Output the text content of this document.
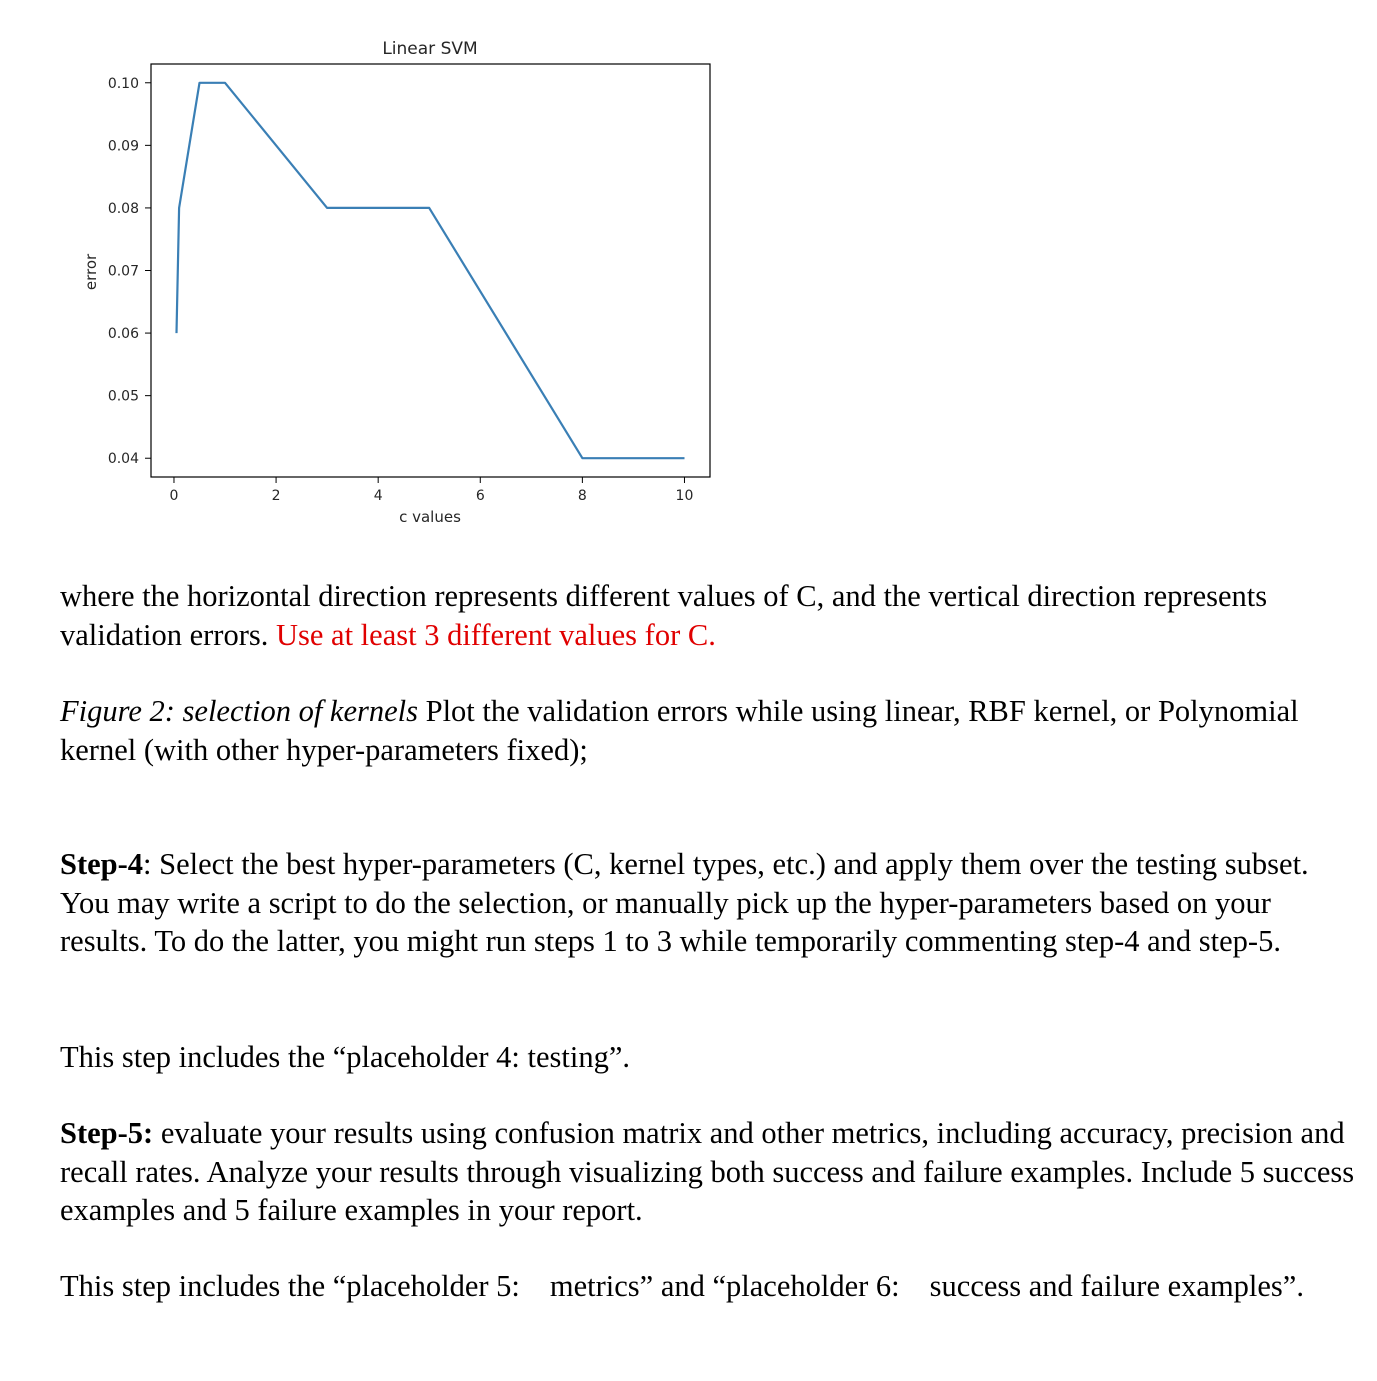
Linear SVM
0.04
0.05
0.06
0.07
0.08
0.09
0.10
0	2	4	6	8	10
c values
error

where the horizontal direction represents different values of C, and the vertical direction represents validation errors. Use at least 3 different values for C.

Figure 2: selection of kernels Plot the validation errors while using linear, RBF kernel, or Polynomial kernel (with other hyper-parameters fixed);

Step-4: Select the best hyper-parameters (C, kernel types, etc.) and apply them over the testing subset. You may write a script to do the selection, or manually pick up the hyper-parameters based on your results. To do the latter, you might run steps 1 to 3 while temporarily commenting step-4 and step-5.

This step includes the “placeholder 4: testing”.

Step-5: evaluate your results using confusion matrix and other metrics, including accuracy, precision and recall rates. Analyze your results through visualizing both success and failure examples. Include 5 success examples and 5 failure examples in your report.

This step includes the “placeholder 5: metrics” and “placeholder 6: success and failure examples”.
